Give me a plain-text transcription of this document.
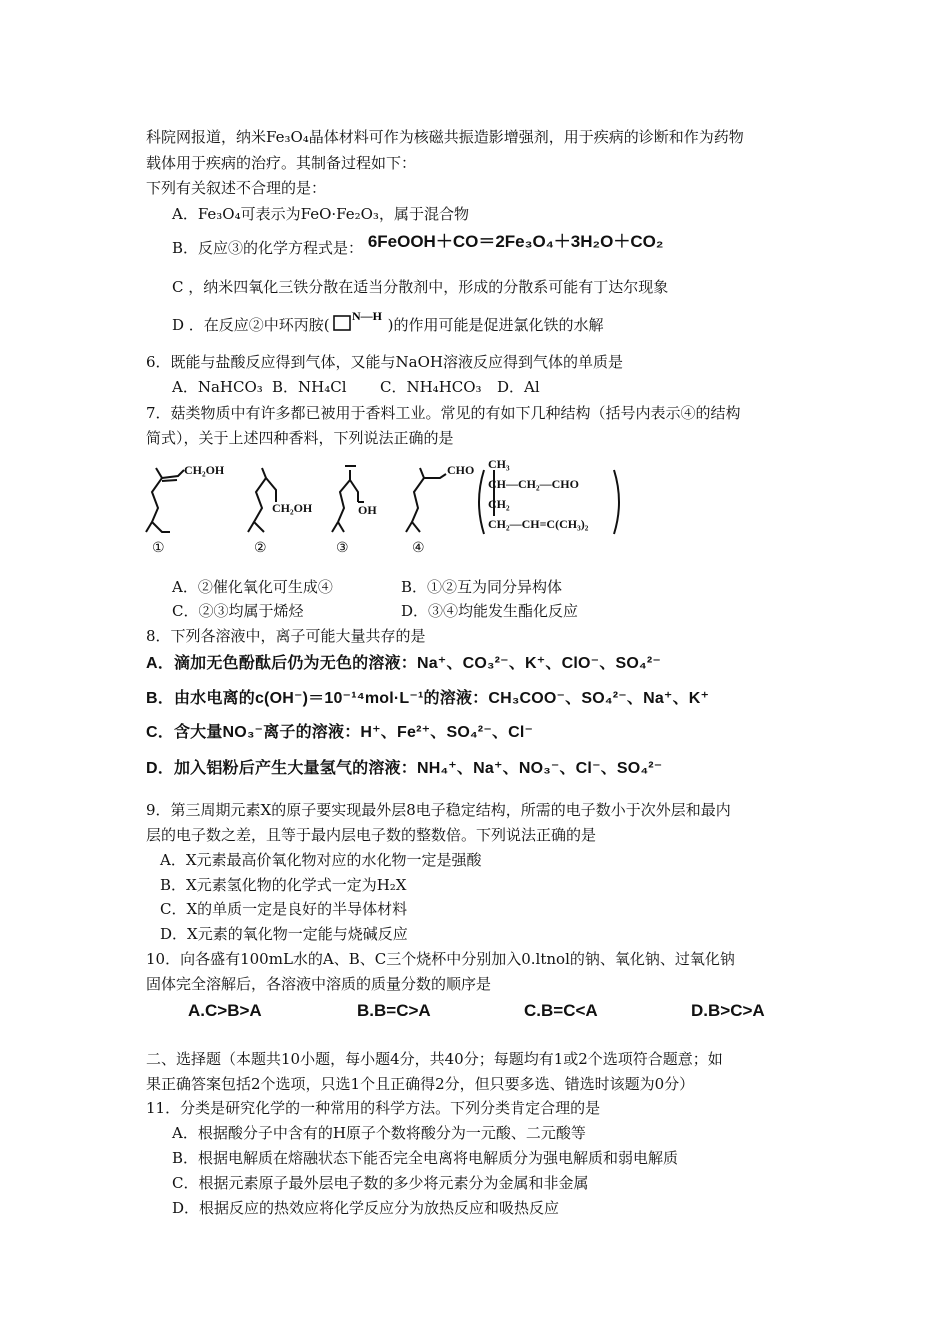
科院网报道，纳米Fe₃O₄晶体材料可作为核磁共振造影增强剂，用于疾病的诊断和作为药物
载体用于疾病的治疗。其制备过程如下：
下列有关叙述不合理的是：
A．Fe₃O₄可表示为FeO·Fe₂O₃，属于混合物
B．反应③的化学方程式是： 6FeOOH＋CO＝2Fe₃O₄＋3H₂O＋CO₂
C ，纳米四氧化三铁分散在适当分散剂中，形成的分散系可能有丁达尔现象
D ．在反应②中环丙胺( N—H )的作用可能是促进氯化铁的水解
6．既能与盐酸反应得到气体，又能与NaOH溶液反应得到气体的单质是
A．NaHCO₃ B．NH₄Cl C．NH₄HCO₃ D．Al
7．菇类物质中有许多都已被用于香料工业。常见的有如下几种结构（括号内表示④的结构
简式），关于上述四种香料，下列说法正确的是
CH₂OH
CH₂OH	OH
CHO CH₃
CH—CH₂—CHO
CH₂
CH₂—CH=C(CH₃)₂
①	②	③	④
A．②催化氧化可生成④	B．①②互为同分异构体
C．②③均属于烯烃	D．③④均能发生酯化反应
8．下列各溶液中，离子可能大量共存的是
A．滴加无色酚酞后仍为无色的溶液：Na⁺、CO₃²⁻、K⁺、ClO⁻、SO₄²⁻
B．由水电离的c(OH⁻)＝10⁻¹⁴mol·L⁻¹的溶液：CH₃COO⁻、SO₄²⁻、Na⁺、K⁺
C．含大量NO₃⁻离子的溶液：H⁺、Fe²⁺、SO₄²⁻、Cl⁻
D．加入铝粉后产生大量氢气的溶液：NH₄⁺、Na⁺、NO₃⁻、Cl⁻、SO₄²⁻
9．第三周期元素X的原子要实现最外层8电子稳定结构，所需的电子数小于次外层和最内
层的电子数之差，且等于最内层电子数的整数倍。下列说法正确的是
A．X元素最高价氧化物对应的水化物一定是强酸
B．X元素氢化物的化学式一定为H₂X
C．X的单质一定是良好的半导体材料
D．X元素的氧化物一定能与烧碱反应
10．向各盛有100mL水的A、B、C三个烧杯中分别加入0.ltnol的钠、氧化钠、过氧化钠
固体完全溶解后，各溶液中溶质的质量分数的顺序是
A.C>B>A	B.B=C>A	C.B=C<A	D.B>C>A
二、选择题（本题共10小题，每小题4分，共40分；每题均有1或2个选项符合题意；如
果正确答案包括2个选项，只选1个且正确得2分，但只要多选、错选时该题为0分）
11．分类是研究化学的一种常用的科学方法。下列分类肯定合理的是
A．根据酸分子中含有的H原子个数将酸分为一元酸、二元酸等
B．根据电解质在熔融状态下能否完全电离将电解质分为强电解质和弱电解质
C．根据元素原子最外层电子数的多少将元素分为金属和非金属
D．根据反应的热效应将化学反应分为放热反应和吸热反应
